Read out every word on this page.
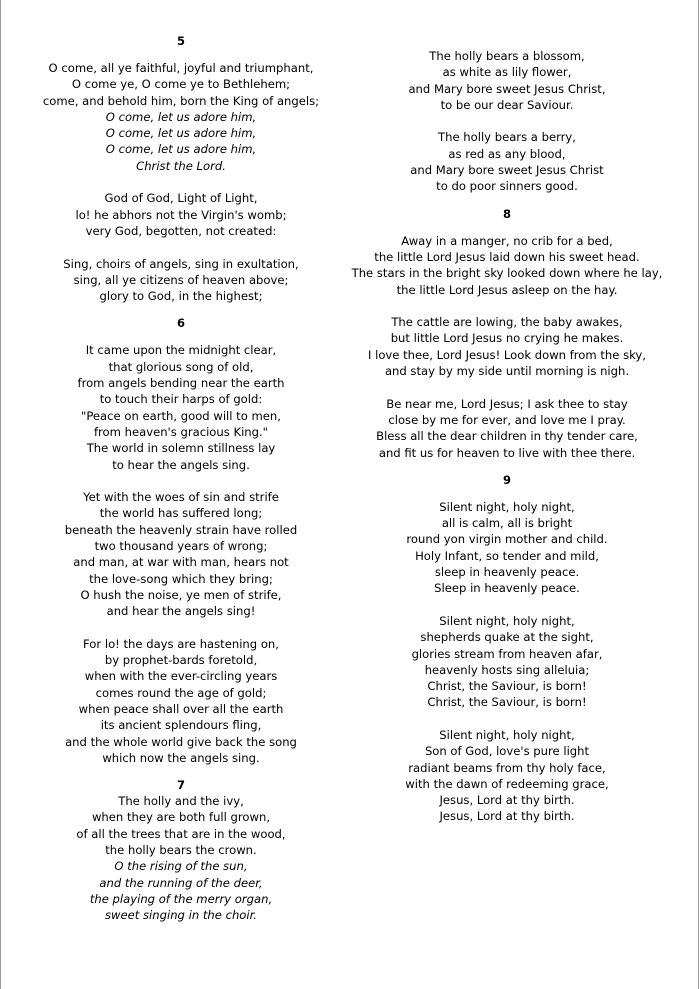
5
O come, all ye faithful, joyful and triumphant,
O come ye, O come ye to Bethlehem;
come, and behold him, born the King of angels;
O come, let us adore him,
O come, let us adore him,
O come, let us adore him,
Christ the Lord.
God of God, Light of Light,
lo! he abhors not the Virgin's womb;
very God, begotten, not created:
Sing, choirs of angels, sing in exultation,
sing, all ye citizens of heaven above;
glory to God, in the highest;
6
It came upon the midnight clear,
that glorious song of old,
from angels bending near the earth
to touch their harps of gold:
"Peace on earth, good will to men,
from heaven's gracious King."
The world in solemn stillness lay
to hear the angels sing.
Yet with the woes of sin and strife
the world has suffered long;
beneath the heavenly strain have rolled
two thousand years of wrong;
and man, at war with man, hears not
the love-song which they bring;
O hush the noise, ye men of strife,
and hear the angels sing!
For lo! the days are hastening on,
by prophet-bards foretold,
when with the ever-circling years
comes round the age of gold;
when peace shall over all the earth
its ancient splendours fling,
and the whole world give back the song
which now the angels sing.
7
The holly and the ivy,
when they are both full grown,
of all the trees that are in the wood,
the holly bears the crown.
O the rising of the sun,
and the running of the deer,
the playing of the merry organ,
sweet singing in the choir.
The holly bears a blossom,
as white as lily flower,
and Mary bore sweet Jesus Christ,
to be our dear Saviour.
The holly bears a berry,
as red as any blood,
and Mary bore sweet Jesus Christ
to do poor sinners good.
8
Away in a manger, no crib for a bed,
the little Lord Jesus laid down his sweet head.
The stars in the bright sky looked down where he lay,
the little Lord Jesus asleep on the hay.
The cattle are lowing, the baby awakes,
but little Lord Jesus no crying he makes.
I love thee, Lord Jesus! Look down from the sky,
and stay by my side until morning is nigh.
Be near me, Lord Jesus; I ask thee to stay
close by me for ever, and love me I pray.
Bless all the dear children in thy tender care,
and fit us for heaven to live with thee there.
9
Silent night, holy night,
all is calm, all is bright
round yon virgin mother and child.
Holy Infant, so tender and mild,
sleep in heavenly peace.
Sleep in heavenly peace.
Silent night, holy night,
shepherds quake at the sight,
glories stream from heaven afar,
heavenly hosts sing alleluia;
Christ, the Saviour, is born!
Christ, the Saviour, is born!
Silent night, holy night,
Son of God, love's pure light
radiant beams from thy holy face,
with the dawn of redeeming grace,
Jesus, Lord at thy birth.
Jesus, Lord at thy birth.
